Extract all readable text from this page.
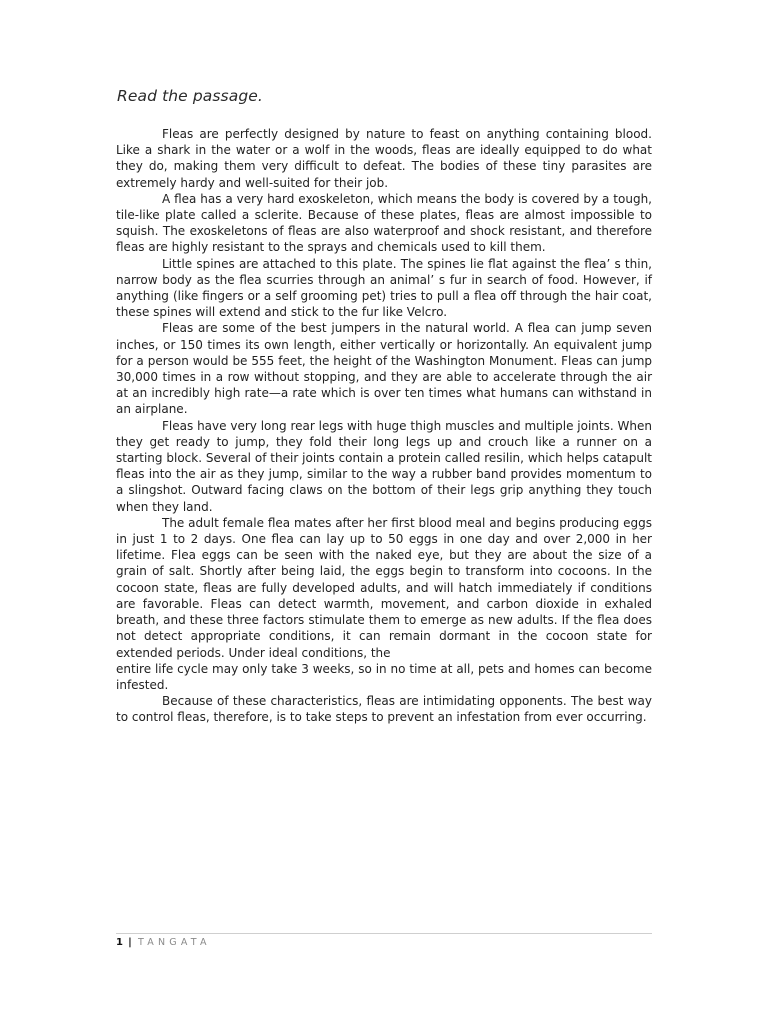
Read the passage.

Fleas are perfectly designed by nature to feast on anything containing blood. Like a shark in the water or a wolf in the woods, fleas are ideally equipped to do what they do, making them very difficult to defeat. The bodies of these tiny parasites are extremely hardy and well-suited for their job.

A flea has a very hard exoskeleton, which means the body is covered by a tough, tile-like plate called a sclerite. Because of these plates, fleas are almost impossible to squish. The exoskeletons of fleas are also waterproof and shock resistant, and therefore fleas are highly resistant to the sprays and chemicals used to kill them.

Little spines are attached to this plate. The spines lie flat against the flea’ s thin, narrow body as the flea scurries through an animal’ s fur in search of food. However, if anything (like fingers or a self grooming pet) tries to pull a flea off through the hair coat, these spines will extend and stick to the fur like Velcro.

Fleas are some of the best jumpers in the natural world. A flea can jump seven inches, or 150 times its own length, either vertically or horizontally. An equivalent jump for a person would be 555 feet, the height of the Washington Monument. Fleas can jump 30,000 times in a row without stopping, and they are able to accelerate through the air at an incredibly high rate—a rate which is over ten times what humans can withstand in an airplane.

Fleas have very long rear legs with huge thigh muscles and multiple joints. When they get ready to jump, they fold their long legs up and crouch like a runner on a starting block. Several of their joints contain a protein called resilin, which helps catapult fleas into the air as they jump, similar to the way a rubber band provides momentum to a slingshot. Outward facing claws on the bottom of their legs grip anything they touch when they land.

The adult female flea mates after her first blood meal and begins producing eggs in just 1 to 2 days. One flea can lay up to 50 eggs in one day and over 2,000 in her lifetime. Flea eggs can be seen with the naked eye, but they are about the size of a grain of salt. Shortly after being laid, the eggs begin to transform into cocoons. In the cocoon state, fleas are fully developed adults, and will hatch immediately if conditions are favorable. Fleas can detect warmth, movement, and carbon dioxide in exhaled breath, and these three factors stimulate them to emerge as new adults. If the flea does not detect appropriate conditions, it can remain dormant in the cocoon state for extended periods. Under ideal conditions, the

entire life cycle may only take 3 weeks, so in no time at all, pets and homes can become infested.

Because of these characteristics, fleas are intimidating opponents. The best way to control fleas, therefore, is to take steps to prevent an infestation from ever occurring.

1 | TANGATA
